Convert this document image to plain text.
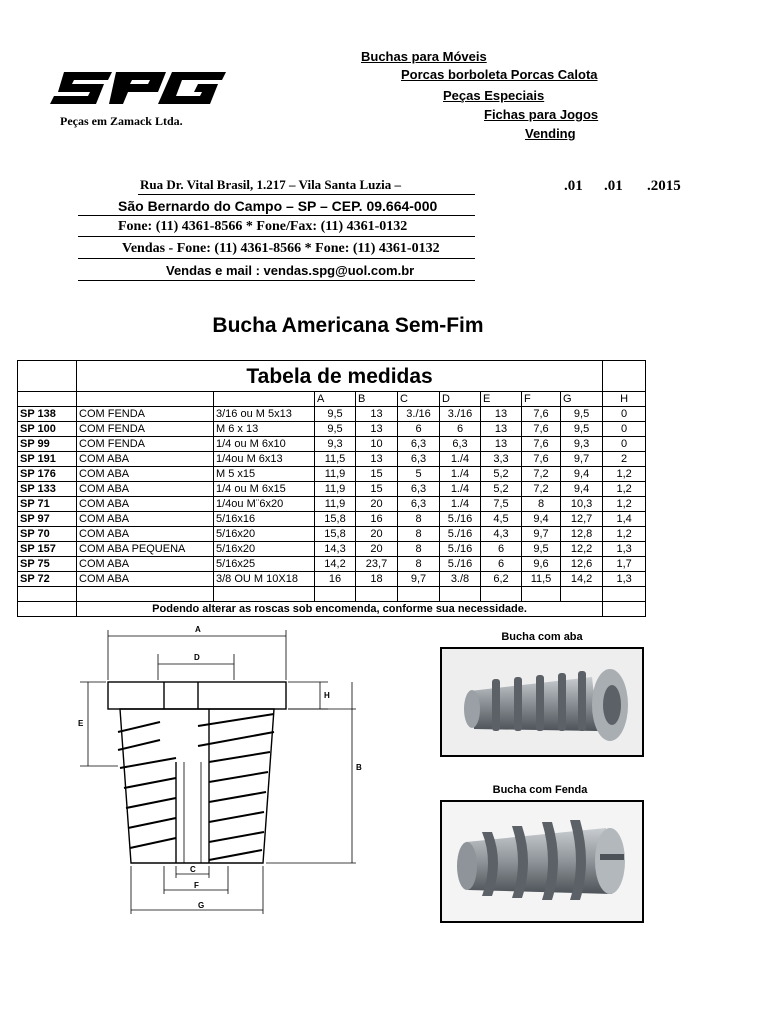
Peças em Zamack Ltda.
Buchas para Móveis
Porcas borboleta Porcas Calota
Peças Especiais
Fichas para Jogos
Vending
Rua Dr. Vital Brasil, 1.217 – Vila Santa Luzia –
São Bernardo do Campo – SP – CEP. 09.664-000
Fone: (11) 4361-8566 * Fone/Fax: (11) 4361-0132
Vendas - Fone: (11) 4361-8566 * Fone: (11) 4361-0132
Vendas e mail : vendas.spg@uol.com.br
.01 .01 .2015
Bucha Americana Sem-Fim
	Tabela de medidas									
			A	B	C	D	E	F	G	H
SP 138	COM FENDA	3/16 ou M 5x13	9,5	13	3./16	3./16	13	7,6	9,5	0
SP 100	COM FENDA	M 6 x 13	9,5	13	6	6	13	7,6	9,5	0
SP 99	COM FENDA	1/4 ou M 6x10	9,3	10	6,3	6,3	13	7,6	9,3	0
SP 191	COM ABA	1/4ou M 6x13	11,5	13	6,3	1./4	3,3	7,6	9,7	2
SP 176	COM ABA	M 5 x15	11,9	15	5	1./4	5,2	7,2	9,4	1,2
SP 133	COM ABA	1/4 ou M 6x15	11,9	15	6,3	1./4	5,2	7,2	9,4	1,2
SP 71	COM ABA	1/4ou M¨6x20	11,9	20	6,3	1./4	7,5	8	10,3	1,2
SP 97	COM ABA	5/16x16	15,8	16	8	5./16	4,5	9,4	12,7	1,4
SP 70	COM ABA	5/16x20	15,8	20	8	5./16	4,3	9,7	12,8	1,2
SP 157	COM ABA PEQUENA	5/16x20	14,3	20	8	5./16	6	9,5	12,2	1,3
SP 75	COM ABA	5/16x25	14,2	23,7	8	5./16	6	9,6	12,6	1,7
SP 72	COM ABA	3/8 OU M 10X18	16	18	9,7	3./8	6,2	11,5	14,2	1,3

	Podendo alterar as roscas sob encomenda, conforme sua necessidade.									
A
D
H
B
E
C
F
G
Bucha com aba
Bucha com Fenda
